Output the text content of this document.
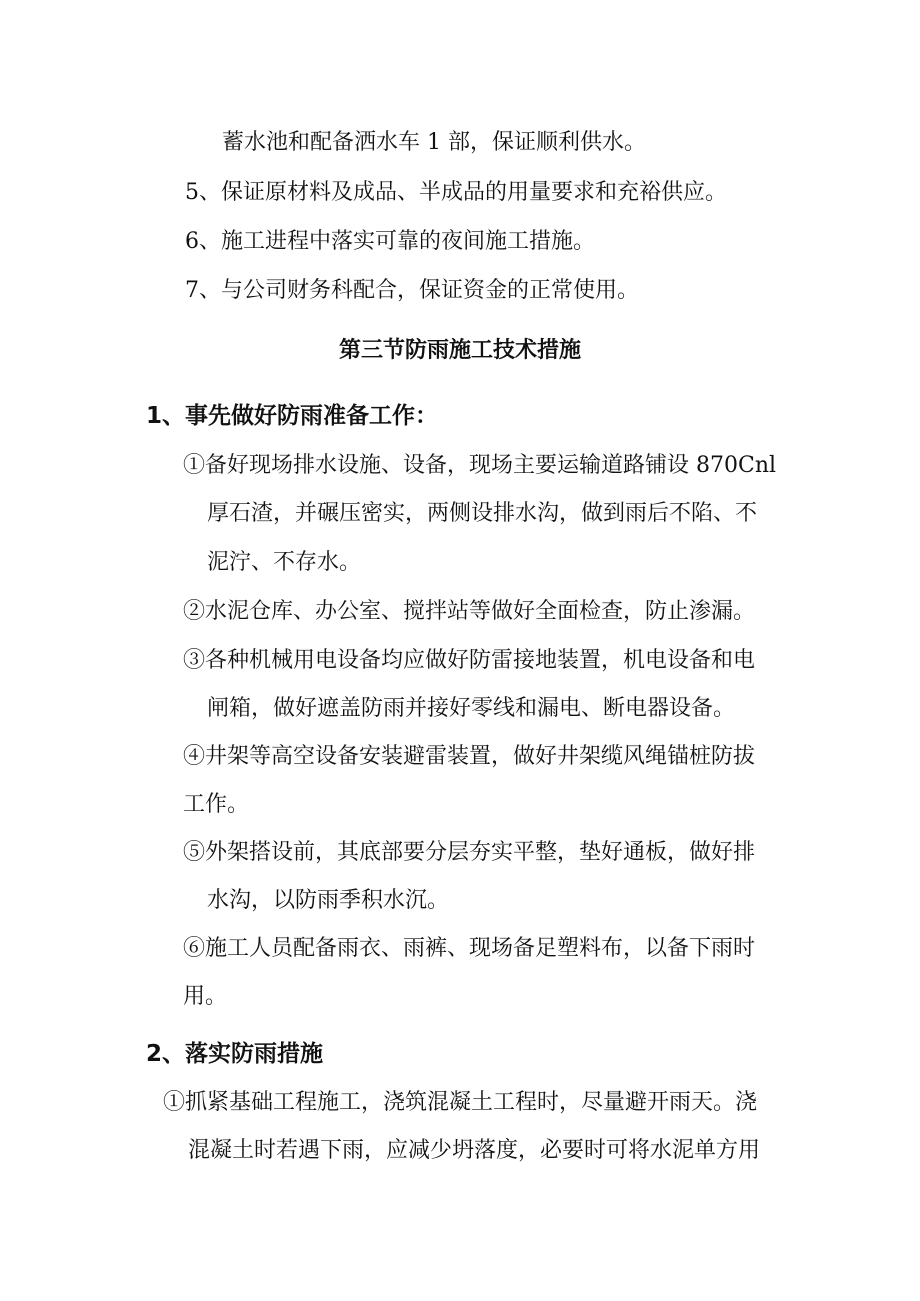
蓄水池和配备洒水车 1 部，保证顺利供水。
5、保证原材料及成品、半成品的用量要求和充裕供应。
6、施工进程中落实可靠的夜间施工措施。
7、与公司财务科配合，保证资金的正常使用。
第三节防雨施工技术措施
1、事先做好防雨准备工作：
①备好现场排水设施、设备，现场主要运输道路铺设 870Cnl
厚石渣，并碾压密实，两侧设排水沟，做到雨后不陷、不
泥泞、不存水。
②水泥仓库、办公室、搅拌站等做好全面检查，防止渗漏。
③各种机械用电设备均应做好防雷接地装置，机电设备和电
闸箱，做好遮盖防雨并接好零线和漏电、断电器设备。
④井架等高空设备安装避雷装置，做好井架缆风绳锚桩防拔
工作。
⑤外架搭设前，其底部要分层夯实平整，垫好通板，做好排
水沟，以防雨季积水沉。
⑥施工人员配备雨衣、雨裤、现场备足塑料布，以备下雨时
用。
2、落实防雨措施
①抓紧基础工程施工，浇筑混凝土工程时，尽量避开雨天。浇
混凝土时若遇下雨，应减少坍落度，必要时可将水泥单方用
